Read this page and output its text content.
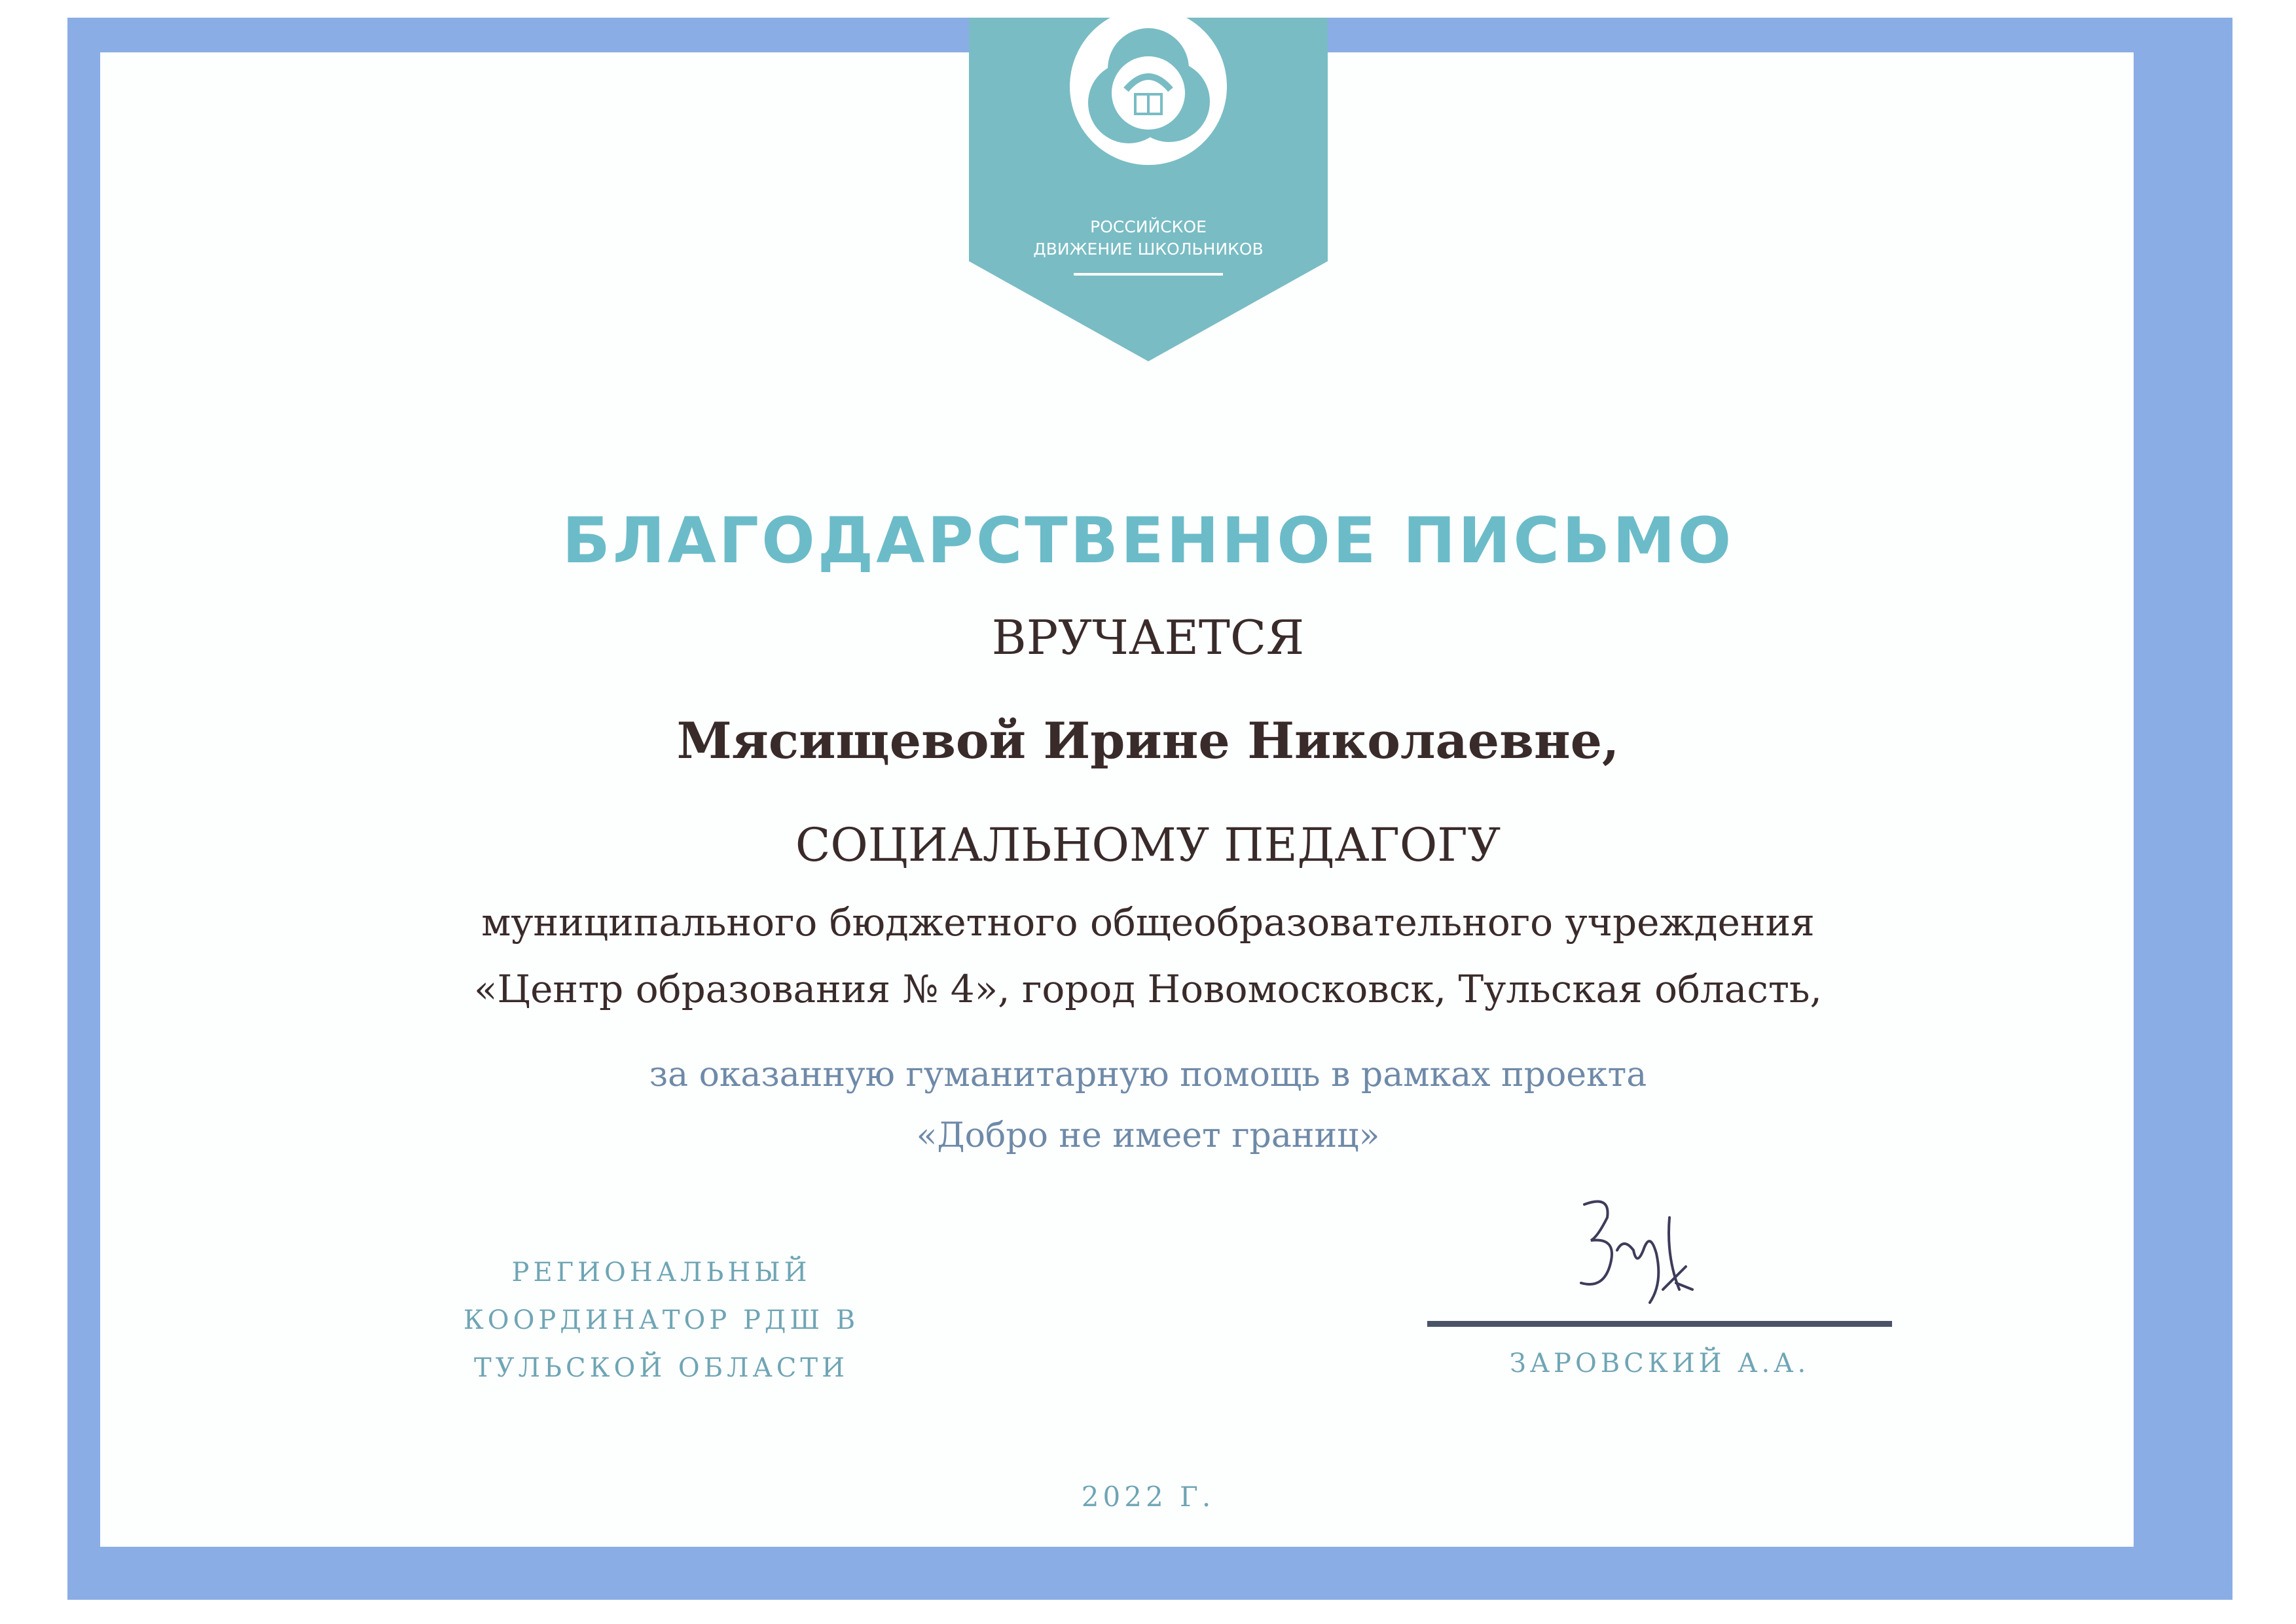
РОССИЙСКОЕ
ДВИЖЕНИЕ ШКОЛЬНИКОВ
БЛАГОДАРСТВЕННОЕ ПИСЬМО
ВРУЧАЕТСЯ
Мясищевой Ирине Николаевне,
СОЦИАЛЬНОМУ ПЕДАГОГУ
муниципального бюджетного общеобразовательного учреждения
«Центр образования № 4», город Новомосковск, Тульская область,
за оказанную гуманитарную помощь в рамках проекта
«Добро не имеет границ»
РЕГИОНАЛЬНЫЙ
КООРДИНАТОР РДШ В
ТУЛЬСКОЙ ОБЛАСТИ	ЗАРОВСКИЙ А.А.
2022 Г.
